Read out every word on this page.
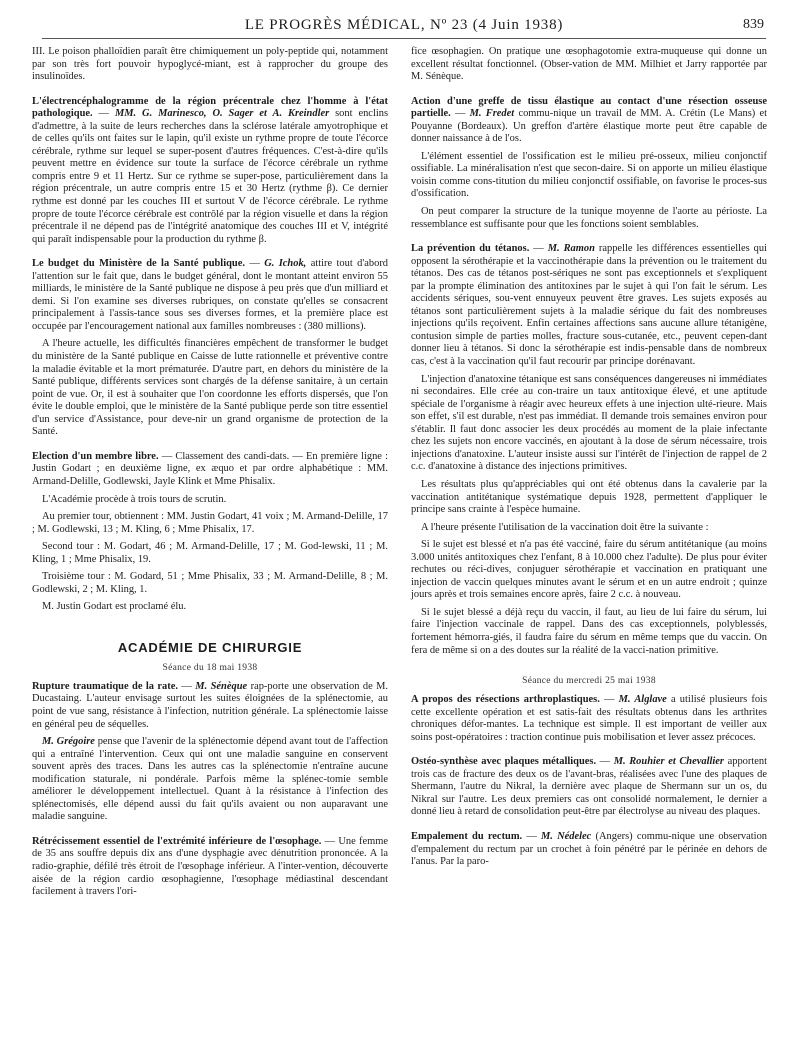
LE PROGRÈS MÉDICAL, Nº 23 (4 Juin 1938)	839

III. Le poison phalloïdien paraît être chimiquement un poly-peptide qui, notamment par son très fort pouvoir hypoglycé-miant, est à rapprocher du groupe des insulinoïdes.

L'électrencéphalogramme de la région précentrale chez l'homme à l'état pathologique. — MM. G. Marinesco, O. Sager et A. Kreindler sont enclins d'admettre, à la suite de leurs recherches dans la sclérose latérale amyotrophique et de celles qu'ils ont faites sur le lapin, qu'il existe un rythme propre de toute l'écorce cérébrale, rythme sur lequel se super-posent d'autres fréquences. C'est-à-dire qu'ils peuvent mettre en évidence sur toute la surface de l'écorce cérébrale un rythme compris entre 9 et 11 Hertz. Sur ce rythme se super-pose, particulièrement dans la région précentrale, un autre compris entre 15 et 30 Hertz (rythme β). Ce dernier rythme est donné par les couches III et surtout V de l'écorce cérébrale. Le rythme propre de toute l'écorce cérébrale est contrôlé par la région visuelle et dans la région précentrale il ne dépend pas de l'intégrité anatomique des couches III et V, intégrité qui paraît indispensable pour la production du rythme β.

Le budget du Ministère de la Santé publique. — G. Ichok, attire tout d'abord l'attention sur le fait que, dans le budget général, dont le montant atteint environ 55 milliards, le ministère de la Santé publique ne dispose à peu près que d'un milliard et demi. Si l'on examine ses diverses rubriques, on constate qu'elles se consacrent principalement à l'assis-tance sous ses diverses formes, et la première place est occupée par l'encouragement national aux familles nombreuses : (380 millions).

A l'heure actuelle, les difficultés financières empêchent de transformer le budget du ministère de la Santé publique en Caisse de lutte rationnelle et préventive contre la maladie évitable et la mort prématurée. D'autre part, en dehors du ministère de la Santé publique, différents services sont chargés de la défense sanitaire, à un certain point de vue. Or, il est à souhaiter que l'on coordonne les efforts dispersés, que l'on évite le double emploi, que le ministère de la Santé publique perde son titre essentiel d'un service d'Assistance, pour deve-nir un grand organisme de protection de la Santé.

Election d'un membre libre. — Classement des candi-dats. — En première ligne : Justin Godart ; en deuxième ligne, ex æquo et par ordre alphabétique : MM. Armand-Delille, Godlewski, Jayle Klink et Mme Phisalix.

L'Académie procède à trois tours de scrutin.

Au premier tour, obtiennent : MM. Justin Godart, 41 voix ; M. Armand-Delille, 17 ; M. Godlewski, 13 ; M. Kling, 6 ; Mme Phisalix, 17.

Second tour : M. Godart, 46 ; M. Armand-Delille, 17 ; M. God-lewski, 11 ; M. Kling, 1 ; Mme Phisalix, 19.

Troisième tour : M. Godard, 51 ; Mme Phisalix, 33 ; M. Armand-Delille, 8 ; M. Godlewski, 2 ; M. Kling, 1.

M. Justin Godart est proclamé élu.

ACADÉMIE DE CHIRURGIE
Séance du 18 mai 1938

Rupture traumatique de la rate. — M. Sénèque rap-porte une observation de M. Ducastaing. L'auteur envisage surtout les suites éloignées de la splénectomie, au point de vue sang, résistance à l'infection, nutrition générale. La splénectomie laisse en général peu de séquelles.

M. Grégoire pense que l'avenir de la splénectomie dépend avant tout de l'affection qui a entraîné l'intervention. Ceux qui ont une maladie sanguine en conservent souvent après des traces. Dans les autres cas la splénectomie n'entraîne aucune modification staturale, ni pondérale. Parfois même la splénec-tomie semble améliorer le développement intellectuel. Quant à la résistance à l'infection des splénectomisés, elle dépend aussi du fait qu'ils avaient ou non auparavant une maladie sanguine.

Rétrécissement essentiel de l'extrémité inférieure de l'œsophage. — Une femme de 35 ans souffre depuis dix ans d'une dysphagie avec dénutrition prononcée. A la radio-graphie, défilé très étroit de l'œsophage inférieur. A l'inter-vention, découverte aisée de la région cardio œsophagienne, l'œsophage médiastinal descendant facilement à travers l'ori-

fice œsophagien. On pratique une œsophagotomie extra-muqueuse qui donne un excellent résultat fonctionnel. (Obser-vation de MM. Milhiet et Jarry rapportée par M. Sénèque.

Action d'une greffe de tissu élastique au contact d'une résection osseuse partielle. — M. Fredet commu-nique un travail de MM. A. Crétin (Le Mans) et Pouyanne (Bordeaux). Un greffon d'artère élastique morte peut être capable de donner naissance à de l'os.

L'élément essentiel de l'ossification est le milieu pré-osseux, milieu conjonctif ossifiable. La minéralisation n'est que secon-daire. Si on apporte un milieu élastique voisin comme cons-titution du milieu conjonctif ossifiable, on favorise le proces-sus d'ossification.

On peut comparer la structure de la tunique moyenne de l'aorte au périoste. La ressemblance est suffisante pour que les fonctions soient semblables.

La prévention du tétanos. — M. Ramon rappelle les différences essentielles qui opposent la sérothérapie et la vaccinothérapie dans la prévention ou le traitement du tétanos. Des cas de tétanos post-sériques ne sont pas exceptionnels et s'expliquent par la prompte élimination des antitoxines par le sujet à qui l'on fait le sérum. Les accidents sériques, sou-vent ennuyeux peuvent être graves. Les sujets exposés au tétanos sont particulièrement sujets à la maladie sérique du fait des nombreuses injections qu'ils reçoivent. Enfin certaines affections sans aucune allure tétanigène, contusion simple de parties molles, fracture sous-cutanée, etc., peuvent cepen-dant donner lieu à tétanos. Si donc la sérothérapie est indis-pensable dans de nombreux cas, c'est à la vaccination qu'il faut recourir par principe dorénavant.

L'injection d'anatoxine tétanique est sans conséquences dangereuses ni immédiates ni secondaires. Elle crée au con-traire un taux antitoxique élevé, et une aptitude spéciale de l'organisme à réagir avec heureux effets à une injection ulté-rieure. Mais son effet, s'il est durable, n'est pas immédiat. Il demande trois semaines environ pour s'établir. Il faut donc associer les deux procédés au moment de la plaie infectante chez les sujets non encore vaccinés, en ajoutant à la dose de sérum nécessaire, trois injections d'anatoxine. L'auteur insiste aussi sur l'intérêt de l'injection de rappel de 2 c.c. d'anatoxine à distance des injections primitives.

Les résultats plus qu'appréciables qui ont été obtenus dans la cavalerie par la vaccination antitétanique systématique depuis 1928, permettent d'appliquer le principe sans crainte à l'espèce humaine.

A l'heure présente l'utilisation de la vaccination doit être la suivante :

Si le sujet est blessé et n'a pas été vacciné, faire du sérum antitétanique (au moins 3.000 unités antitoxiques chez l'enfant, 8 à 10.000 chez l'adulte). De plus pour éviter rechutes ou réci-dives, conjuguer sérothérapie et vaccination en pratiquant une injection de vaccin quelques minutes avant le sérum et en un autre endroit ; quinze jours après et trois semaines encore après, faire 2 c.c. à nouveau.

Si le sujet blessé a déjà reçu du vaccin, il faut, au lieu de lui faire du sérum, lui faire l'injection vaccinale de rappel. Dans des cas exceptionnels, polyblessés, fortement hémorra-giés, il faudra faire du sérum en même temps que du vaccin. On fera de même si on a des doutes sur la réalité de la vacci-nation primitive.

Séance du mercredi 25 mai 1938

A propos des résections arthroplastiques. — M. Alglave a utilisé plusieurs fois cette excellente opération et est satis-fait des résultats obtenus dans les arthrites chroniques défor-mantes. La technique est simple. Il est important de veiller aux soins post-opératoires : traction continue puis mobilisation et lever assez précoces.

Ostéo-synthèse avec plaques métalliques. — M. Rouhier et Chevallier apportent trois cas de fracture des deux os de l'avant-bras, réalisées avec l'une des plaques de Shermann, l'autre du Nikral, la dernière avec plaque de Shermann sur un os, du Nikral sur l'autre. Les deux premiers cas ont consolidé normalement, le dernier a donné lieu à retard de consolidation peut-être par électrolyse au niveau des plaques.

Empalement du rectum. — M. Nédelec (Angers) commu-nique une observation d'empalement du rectum par un crochet à foin pénétré par le périnée en dehors de l'anus. Par la paro-
